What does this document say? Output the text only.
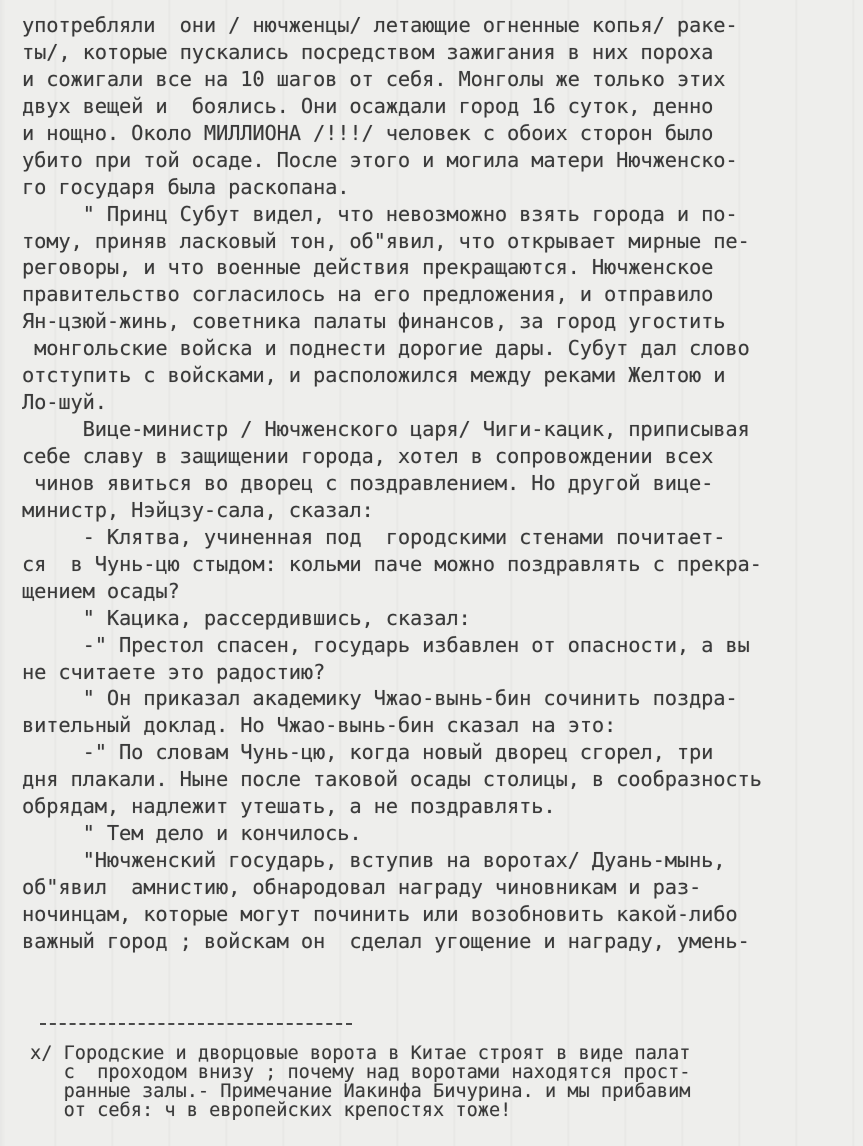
употребляли  они / нючженцы/ летающие огненные копья/ раке-
ты/, которые пускались посредством зажигания в них пороха
и сожигали все на 10 шагов от себя. Монголы же только этих
двух вещей и  боялись. Они осаждали город 16 суток, денно
и нощно. Около МИЛЛИОНА /!!!/ человек с обоих сторон было
убито при той осаде. После этого и могила матери Нючженско-
го государя была раскопана.
" Принц Субут видел, что невозможно взять города и по-
тому, приняв ласковый тон, об"явил, что открывает мирные пе-
реговоры, и что военные действия прекращаются. Нючженское
правительство согласилось на его предложения, и отправило
Ян-цзюй-жинь, советника палаты финансов, за город угостить
монгольские войска и поднести дорогие дары. Субут дал слово
отступить с войсками, и расположился между реками Желтою и
Ло-шуй.
Вице-министр / Нючженского царя/ Чиги-кацик, приписывая
себе славу в защищении города, хотел в сопровождении всех
чинов явиться во дворец с поздравлением. Но другой вице-
министр, Нэйцзу-сала, сказал:
- Клятва, учиненная под  городскими стенами почитает-
ся  в Чунь-цю стыдом: кольми паче можно поздравлять с прекра-
щением осады?
" Кацика, рассердившись, сказал:
-" Престол спасен, государь избавлен от опасности, а вы
не считаете это радостию?
" Он приказал академику Чжао-вынь-бин сочинить поздра-
вительный доклад. Но Чжао-вынь-бин сказал на это:
-" По словам Чунь-цю, когда новый дворец сгорел, три
дня плакали. Ныне после таковой осады столицы, в сообразность
обрядам, надлежит утешать, а не поздравлять.
" Тем дело и кончилось.
"Нючженский государь, вступив на воротаx/ Дуань-мынь,
об"явил  амнистию, обнародовал награду чиновникам и раз-
ночинцам, которые могут починить или возобновить какой-либо
важный город ; войскам он  сделал угощение и награду, умень-
x/ Городские и дворцовые ворота в Китае строят в виде палат
с  проходом внизу ; почему над воротами находятся прост-
ранные залы.- Примечание Иакинфа Бичурина. и мы прибавим
от себя: ч в европейских крепостях тоже!
